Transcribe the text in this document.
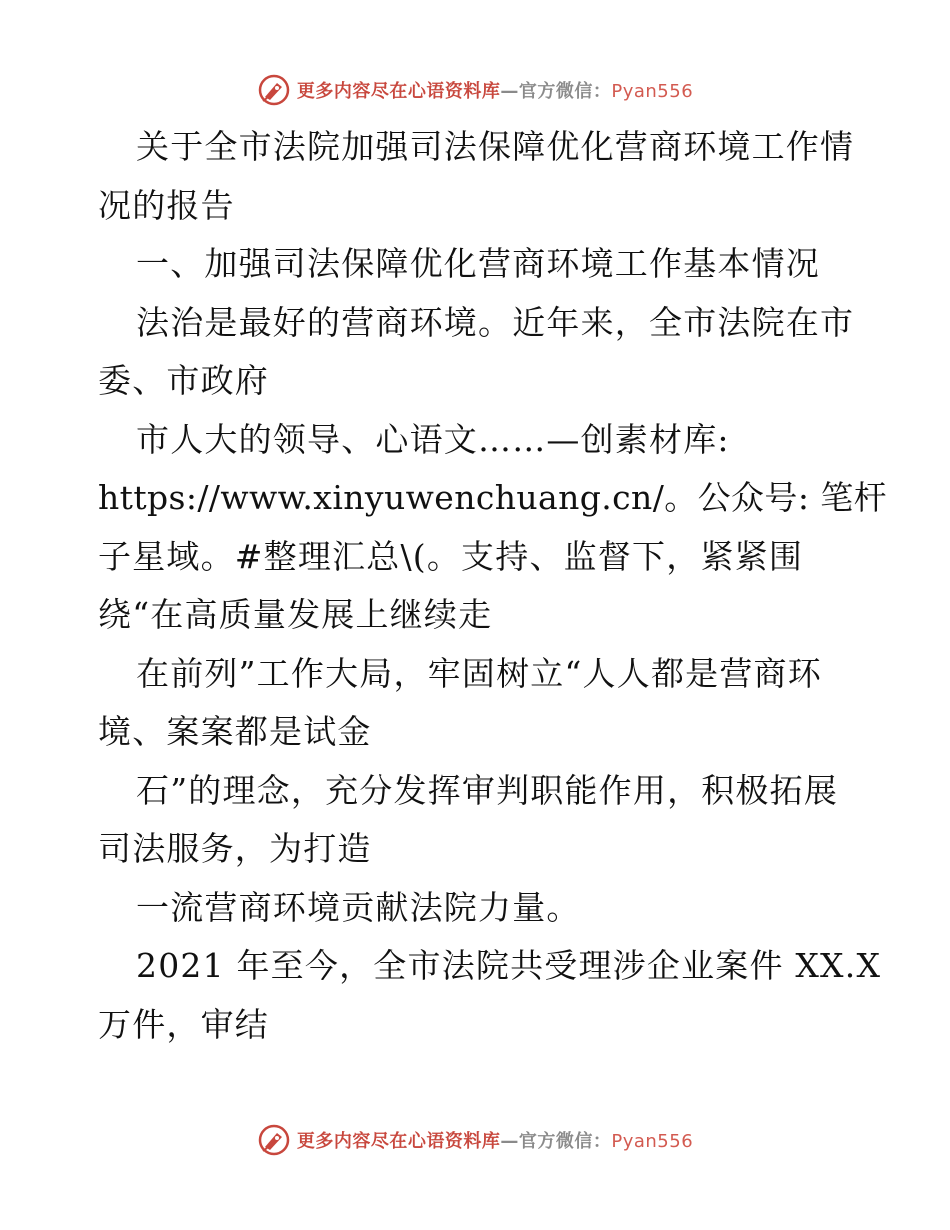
更多内容尽在心语资料库—官方微信：Pyan556
关于全市法院加强司法保障优化营商环境工作情
况的报告
一、加强司法保障优化营商环境工作基本情况
法治是最好的营商环境。近年来，全市法院在市
委、市政府
市人大的领导、心语文……—创素材库:
https://www.xinyuwenchuang.cn/。公众号: 笔杆
子星域。#整理汇总\(。支持、监督下，紧紧围
绕“在高质量发展上继续走
在前列”工作大局，牢固树立“人人都是营商环
境、案案都是试金
石”的理念，充分发挥审判职能作用，积极拓展
司法服务，为打造
一流营商环境贡献法院力量。
2021 年至今，全市法院共受理涉企业案件 XX.X
万件，审结
更多内容尽在心语资料库—官方微信：Pyan556
